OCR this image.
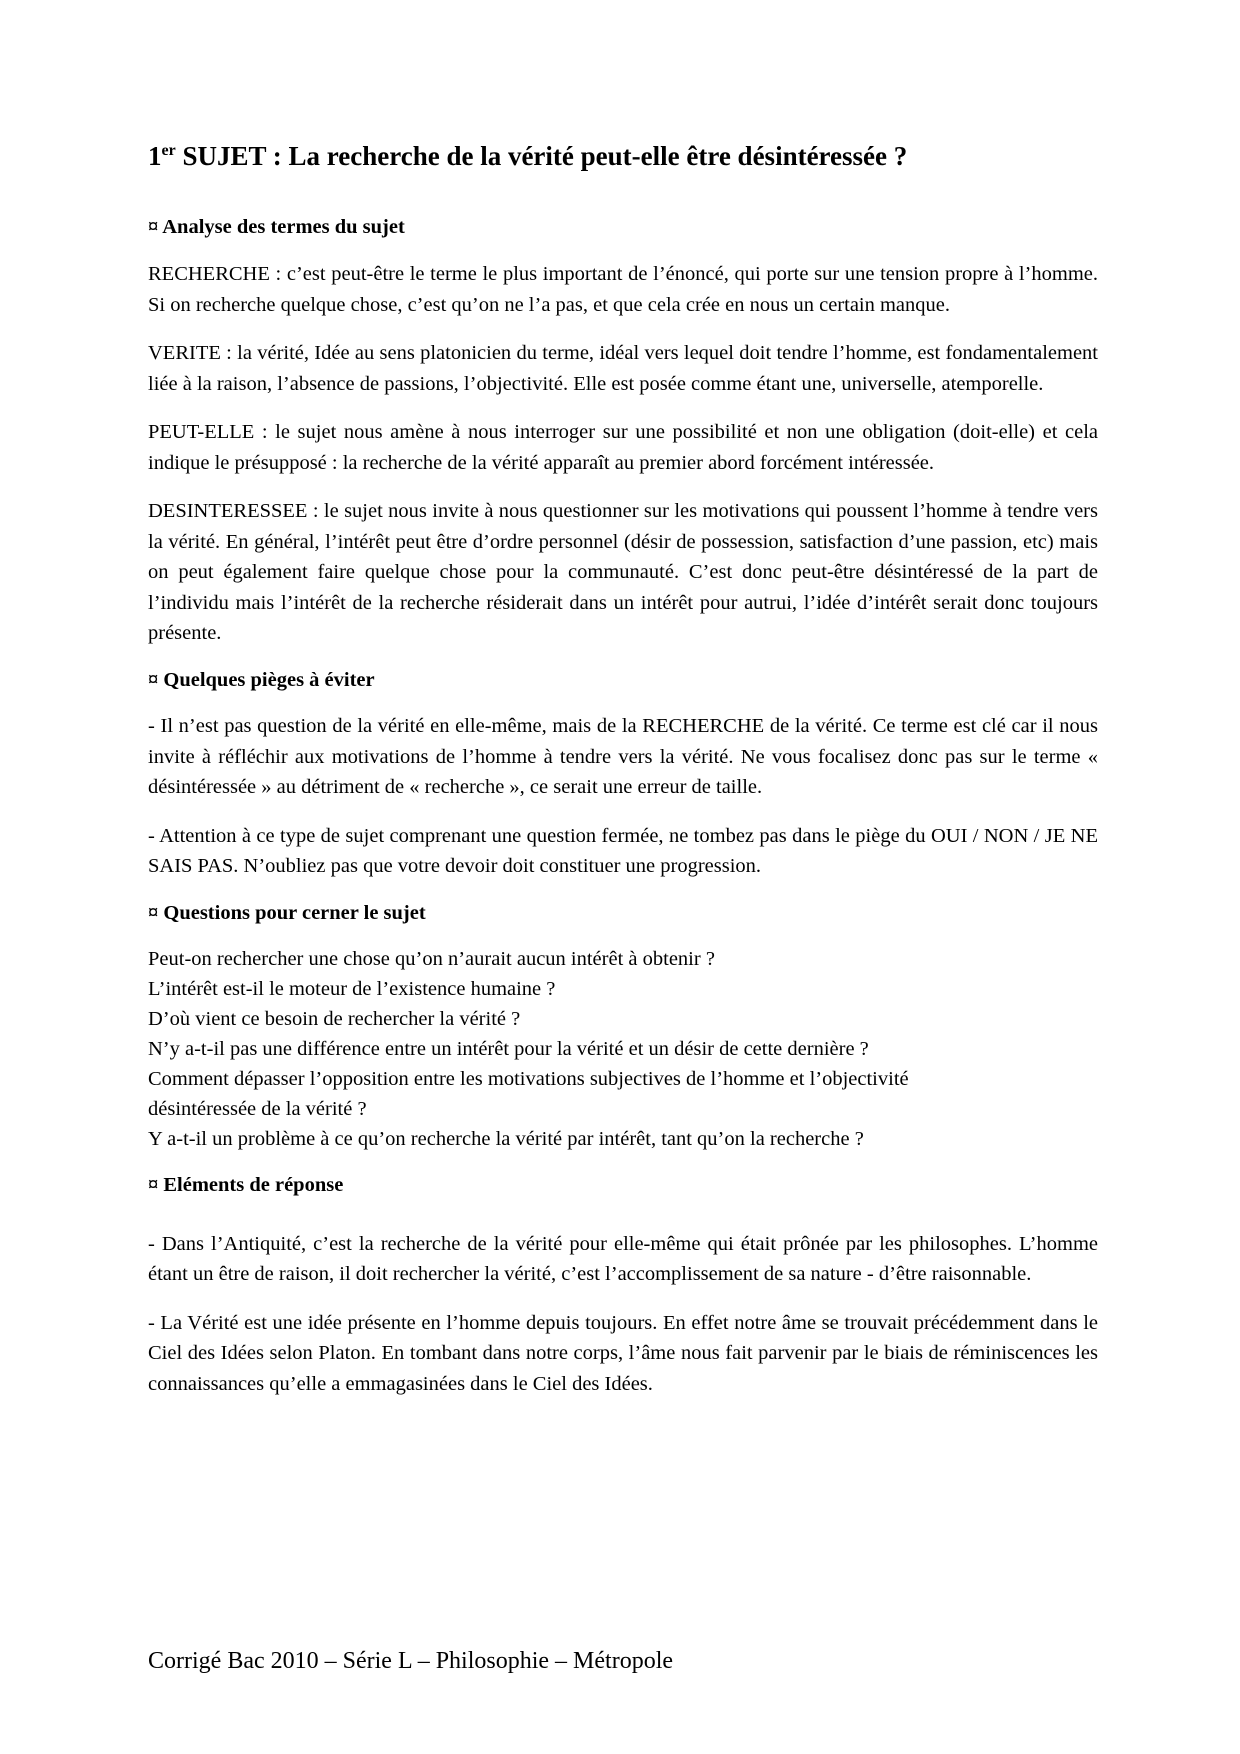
1er SUJET : La recherche de la vérité peut-elle être désintéressée ?
¤ Analyse des termes du sujet

RECHERCHE : c’est peut-être le terme le plus important de l’énoncé, qui porte sur une tension propre à l’homme. Si on recherche quelque chose, c’est qu’on ne l’a pas, et que cela crée en nous un certain manque.

VERITE : la vérité, Idée au sens platonicien du terme, idéal vers lequel doit tendre l’homme, est fondamentalement liée à la raison, l’absence de passions, l’objectivité. Elle est posée comme étant une, universelle, atemporelle.

PEUT-ELLE : le sujet nous amène à nous interroger sur une possibilité et non une obligation (doit-elle) et cela indique le présupposé : la recherche de la vérité apparaît au premier abord forcément intéressée.

DESINTERESSEE : le sujet nous invite à nous questionner sur les motivations qui poussent l’homme à tendre vers la vérité. En général, l’intérêt peut être d’ordre personnel (désir de possession, satisfaction d’une passion, etc) mais on peut également faire quelque chose pour la communauté. C’est donc peut-être désintéressé de la part de l’individu mais l’intérêt de la recherche résiderait dans un intérêt pour autrui, l’idée d’intérêt serait donc toujours présente.

¤ Quelques pièges à éviter

- Il n’est pas question de la vérité en elle-même, mais de la RECHERCHE de la vérité. Ce terme est clé car il nous invite à réfléchir aux motivations de l’homme à tendre vers la vérité. Ne vous focalisez donc pas sur le terme « désintéressée » au détriment de « recherche », ce serait une erreur de taille.

- Attention à ce type de sujet comprenant une question fermée, ne tombez pas dans le piège du OUI / NON / JE NE SAIS PAS. N’oubliez pas que votre devoir doit constituer une progression.

¤ Questions pour cerner le sujet
Peut-on rechercher une chose qu’on n’aurait aucun intérêt à obtenir ?
L’intérêt est-il le moteur de l’existence humaine ?
D’où vient ce besoin de rechercher la vérité ?
N’y a-t-il pas une différence entre un intérêt pour la vérité et un désir de cette dernière ?
Comment dépasser l’opposition entre les motivations subjectives de l’homme et l’objectivité
désintéressée de la vérité ?
Y a-t-il un problème à ce qu’on recherche la vérité par intérêt, tant qu’on la recherche ?
¤ Eléments de réponse

- Dans l’Antiquité, c’est la recherche de la vérité pour elle-même qui était prônée par les philosophes. L’homme étant un être de raison, il doit rechercher la vérité, c’est l’accomplissement de sa nature - d’être raisonnable.

- La Vérité est une idée présente en l’homme depuis toujours. En effet notre âme se trouvait précédemment dans le Ciel des Idées selon Platon. En tombant dans notre corps, l’âme nous fait parvenir par le biais de réminiscences les connaissances qu’elle a emmagasinées dans le Ciel des Idées.

Corrigé Bac 2010 – Série L – Philosophie – Métropole
